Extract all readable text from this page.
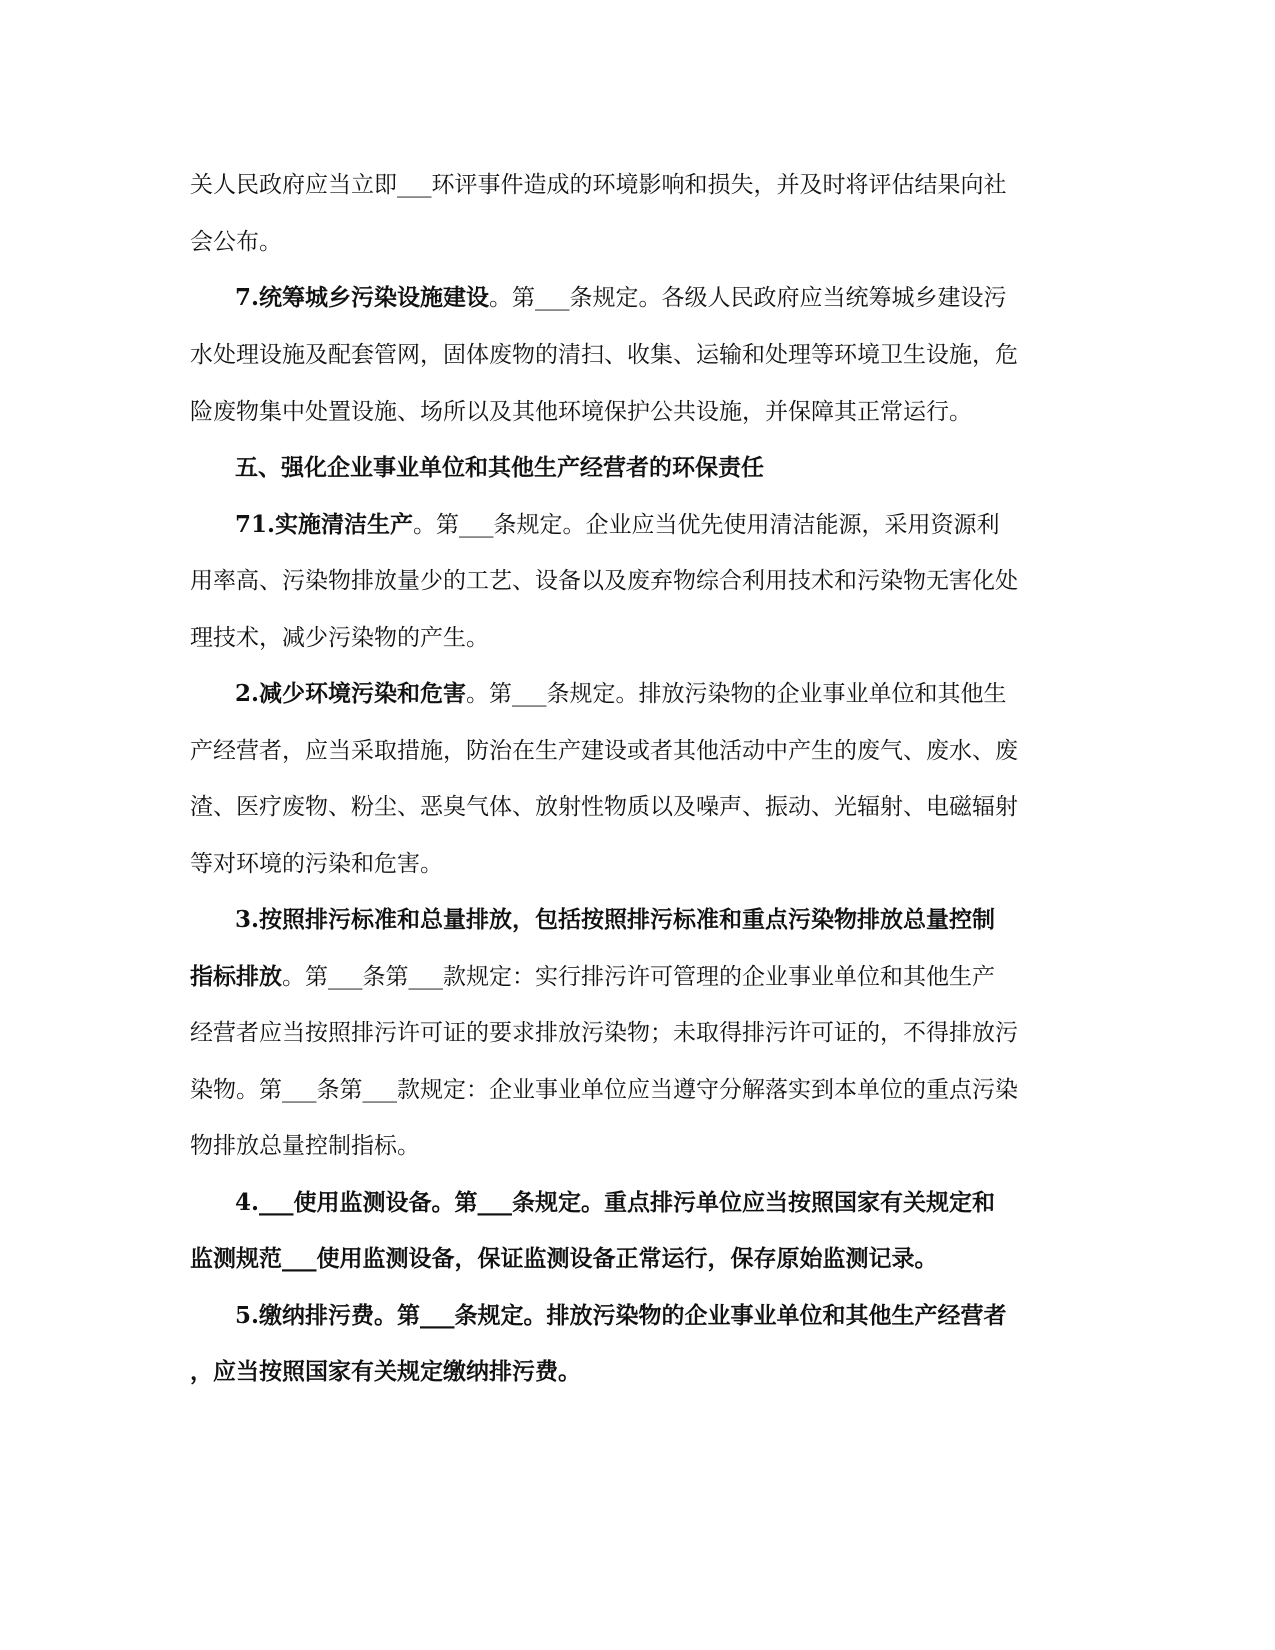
关人民政府应当立即___环评事件造成的环境影响和损失，并及时将评估结果向社
会公布。
7.统筹城乡污染设施建设。第___条规定。各级人民政府应当统筹城乡建设污
水处理设施及配套管网，固体废物的清扫、收集、运输和处理等环境卫生设施，危
险废物集中处置设施、场所以及其他环境保护公共设施，并保障其正常运行。
五、强化企业事业单位和其他生产经营者的环保责任
71.实施清洁生产。第___条规定。企业应当优先使用清洁能源，采用资源利
用率高、污染物排放量少的工艺、设备以及废弃物综合利用技术和污染物无害化处
理技术，减少污染物的产生。
2.减少环境污染和危害。第___条规定。排放污染物的企业事业单位和其他生
产经营者，应当采取措施，防治在生产建设或者其他活动中产生的废气、废水、废
渣、医疗废物、粉尘、恶臭气体、放射性物质以及噪声、振动、光辐射、电磁辐射
等对环境的污染和危害。
3.按照排污标准和总量排放，包括按照排污标准和重点污染物排放总量控制
指标排放。第___条第___款规定：实行排污许可管理的企业事业单位和其他生产
经营者应当按照排污许可证的要求排放污染物；未取得排污许可证的，不得排放污
染物。第___条第___款规定：企业事业单位应当遵守分解落实到本单位的重点污染
物排放总量控制指标。
4.___使用监测设备。第___条规定。重点排污单位应当按照国家有关规定和
监测规范___使用监测设备，保证监测设备正常运行，保存原始监测记录。
5.缴纳排污费。第___条规定。排放污染物的企业事业单位和其他生产经营者
，应当按照国家有关规定缴纳排污费。
